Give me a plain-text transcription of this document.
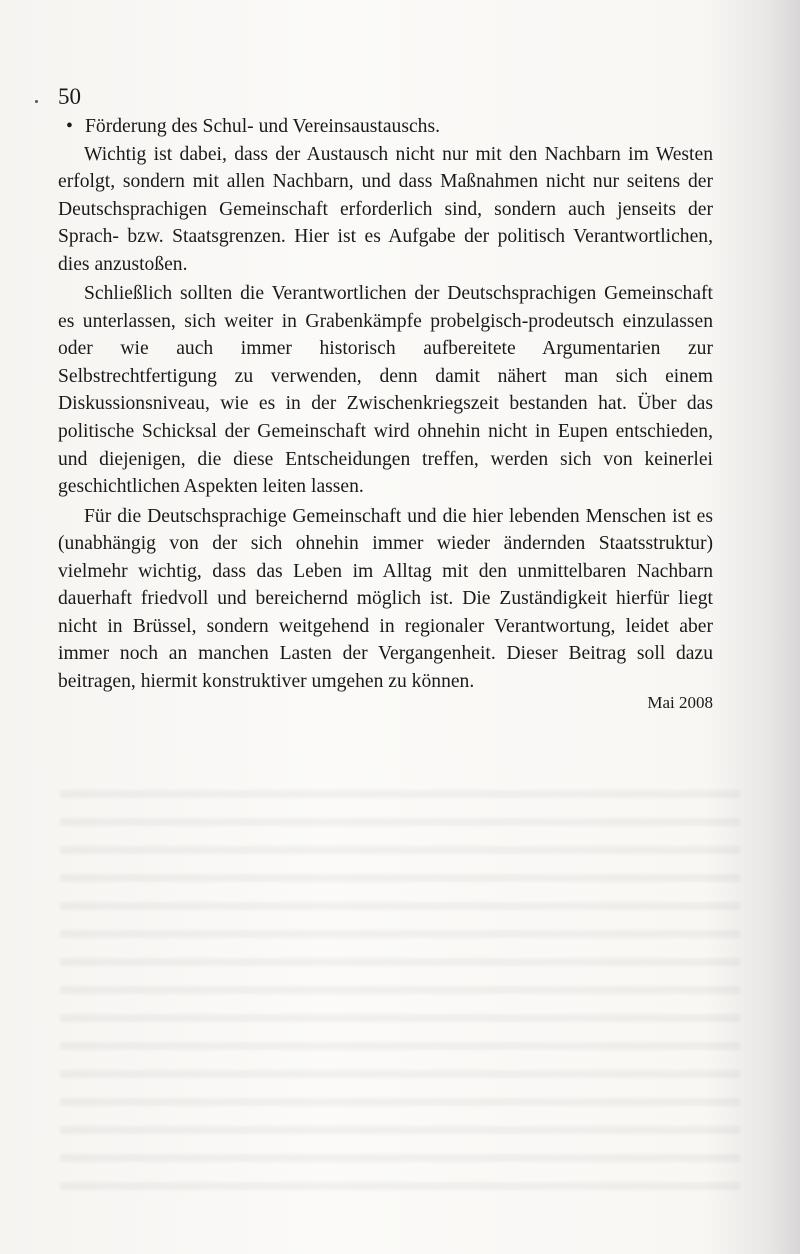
50
• Förderung des Schul- und Vereinsaustauschs.

Wichtig ist dabei, dass der Austausch nicht nur mit den Nachbarn im Westen erfolgt, sondern mit allen Nachbarn, und dass Maßnahmen nicht nur seitens der Deutschsprachigen Gemeinschaft erforderlich sind, sondern auch jenseits der Sprach- bzw. Staatsgrenzen. Hier ist es Aufgabe der politisch Verantwortlichen, dies anzustoßen.

Schließlich sollten die Verantwortlichen der Deutschsprachigen Gemeinschaft es unterlassen, sich weiter in Grabenkämpfe probelgisch-prodeutsch einzulassen oder wie auch immer historisch aufbereitete Argumentarien zur Selbstrechtfertigung zu verwenden, denn damit nähert man sich einem Diskussionsniveau, wie es in der Zwischenkriegszeit bestanden hat. Über das politische Schicksal der Gemeinschaft wird ohnehin nicht in Eupen entschieden, und diejenigen, die diese Entscheidungen treffen, werden sich von keinerlei geschichtlichen Aspekten leiten lassen.

Für die Deutschsprachige Gemeinschaft und die hier lebenden Menschen ist es (unabhängig von der sich ohnehin immer wieder ändernden Staatsstruktur) vielmehr wichtig, dass das Leben im Alltag mit den unmittelbaren Nachbarn dauerhaft friedvoll und bereichernd möglich ist. Die Zuständigkeit hierfür liegt nicht in Brüssel, sondern weitgehend in regionaler Verantwortung, leidet aber immer noch an manchen Lasten der Vergangenheit. Dieser Beitrag soll dazu beitragen, hiermit konstruktiver umgehen zu können.

Mai 2008
